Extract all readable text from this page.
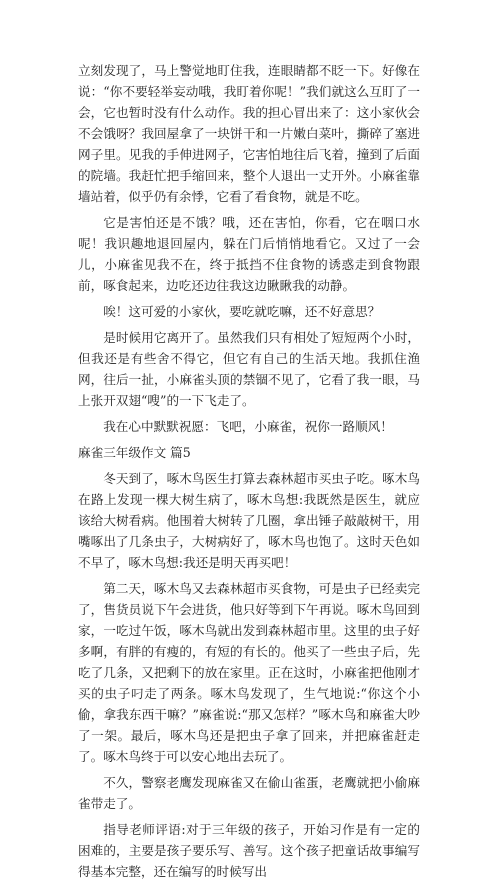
立刻发现了，马上警觉地盯住我，连眼睛都不眨一下。好像在说：“你不要轻举妄动哦，我盯着你呢！”我们就这么互盯了一会，它也暂时没有什么动作。我的担心冒出来了：这小家伙会不会饿呀？我回屋拿了一块饼干和一片嫩白菜叶，撕碎了塞进网子里。见我的手伸进网子，它害怕地往后飞着，撞到了后面的院墙。我赶忙把手缩回来，整个人退出一丈开外。小麻雀靠墙站着，似乎仍有余悸，它看了看食物，就是不吃。

它是害怕还是不饿？哦，还在害怕，你看，它在咽口水呢！我识趣地退回屋内，躲在门后悄悄地看它。又过了一会儿，小麻雀见我不在，终于抵挡不住食物的诱惑走到食物跟前，啄食起来，边吃还边往我这边瞅瞅我的动静。

唉！这可爱的小家伙，要吃就吃嘛，还不好意思？

是时候用它离开了。虽然我们只有相处了短短两个小时，但我还是有些舍不得它，但它有自己的生活天地。我抓住渔网，往后一扯，小麻雀头顶的禁锢不见了，它看了我一眼，马上张开双翅“嗖”的一下飞走了。

我在心中默默祝愿：飞吧，小麻雀，祝你一路顺风！

麻雀三年级作文 篇5

冬天到了，啄木鸟医生打算去森林超市买虫子吃。啄木鸟在路上发现一棵大树生病了，啄木鸟想:我既然是医生，就应该给大树看病。他围着大树转了几圈，拿出锤子敲敲树干，用嘴啄出了几条虫子，大树病好了，啄木鸟也饱了。这时天色如不早了，啄木鸟想:我还是明天再买吧！

第二天，啄木鸟又去森林超市买食物，可是虫子已经卖完了，售货员说下午会进货，他只好等到下午再说。啄木鸟回到家，一吃过午饭，啄木鸟就出发到森林超市里。这里的虫子好多啊，有胖的有瘦的，有短的有长的。他买了一些虫子后，先吃了几条，又把剩下的放在家里。正在这时，小麻雀把他刚才买的虫子叼走了两条。啄木鸟发现了，生气地说:“你这个小偷，拿我东西干嘛？”麻雀说:“那又怎样？”啄木鸟和麻雀大吵了一架。最后，啄木鸟还是把虫子拿了回来，并把麻雀赶走了。啄木鸟终于可以安心地出去玩了。

不久，警察老鹰发现麻雀又在偷山雀蛋，老鹰就把小偷麻雀带走了。

指导老师评语:对于三年级的孩子，开始习作是有一定的困难的，主要是孩子要乐写、善写。这个孩子把童话故事编写得基本完整，还在编写的时候写出
